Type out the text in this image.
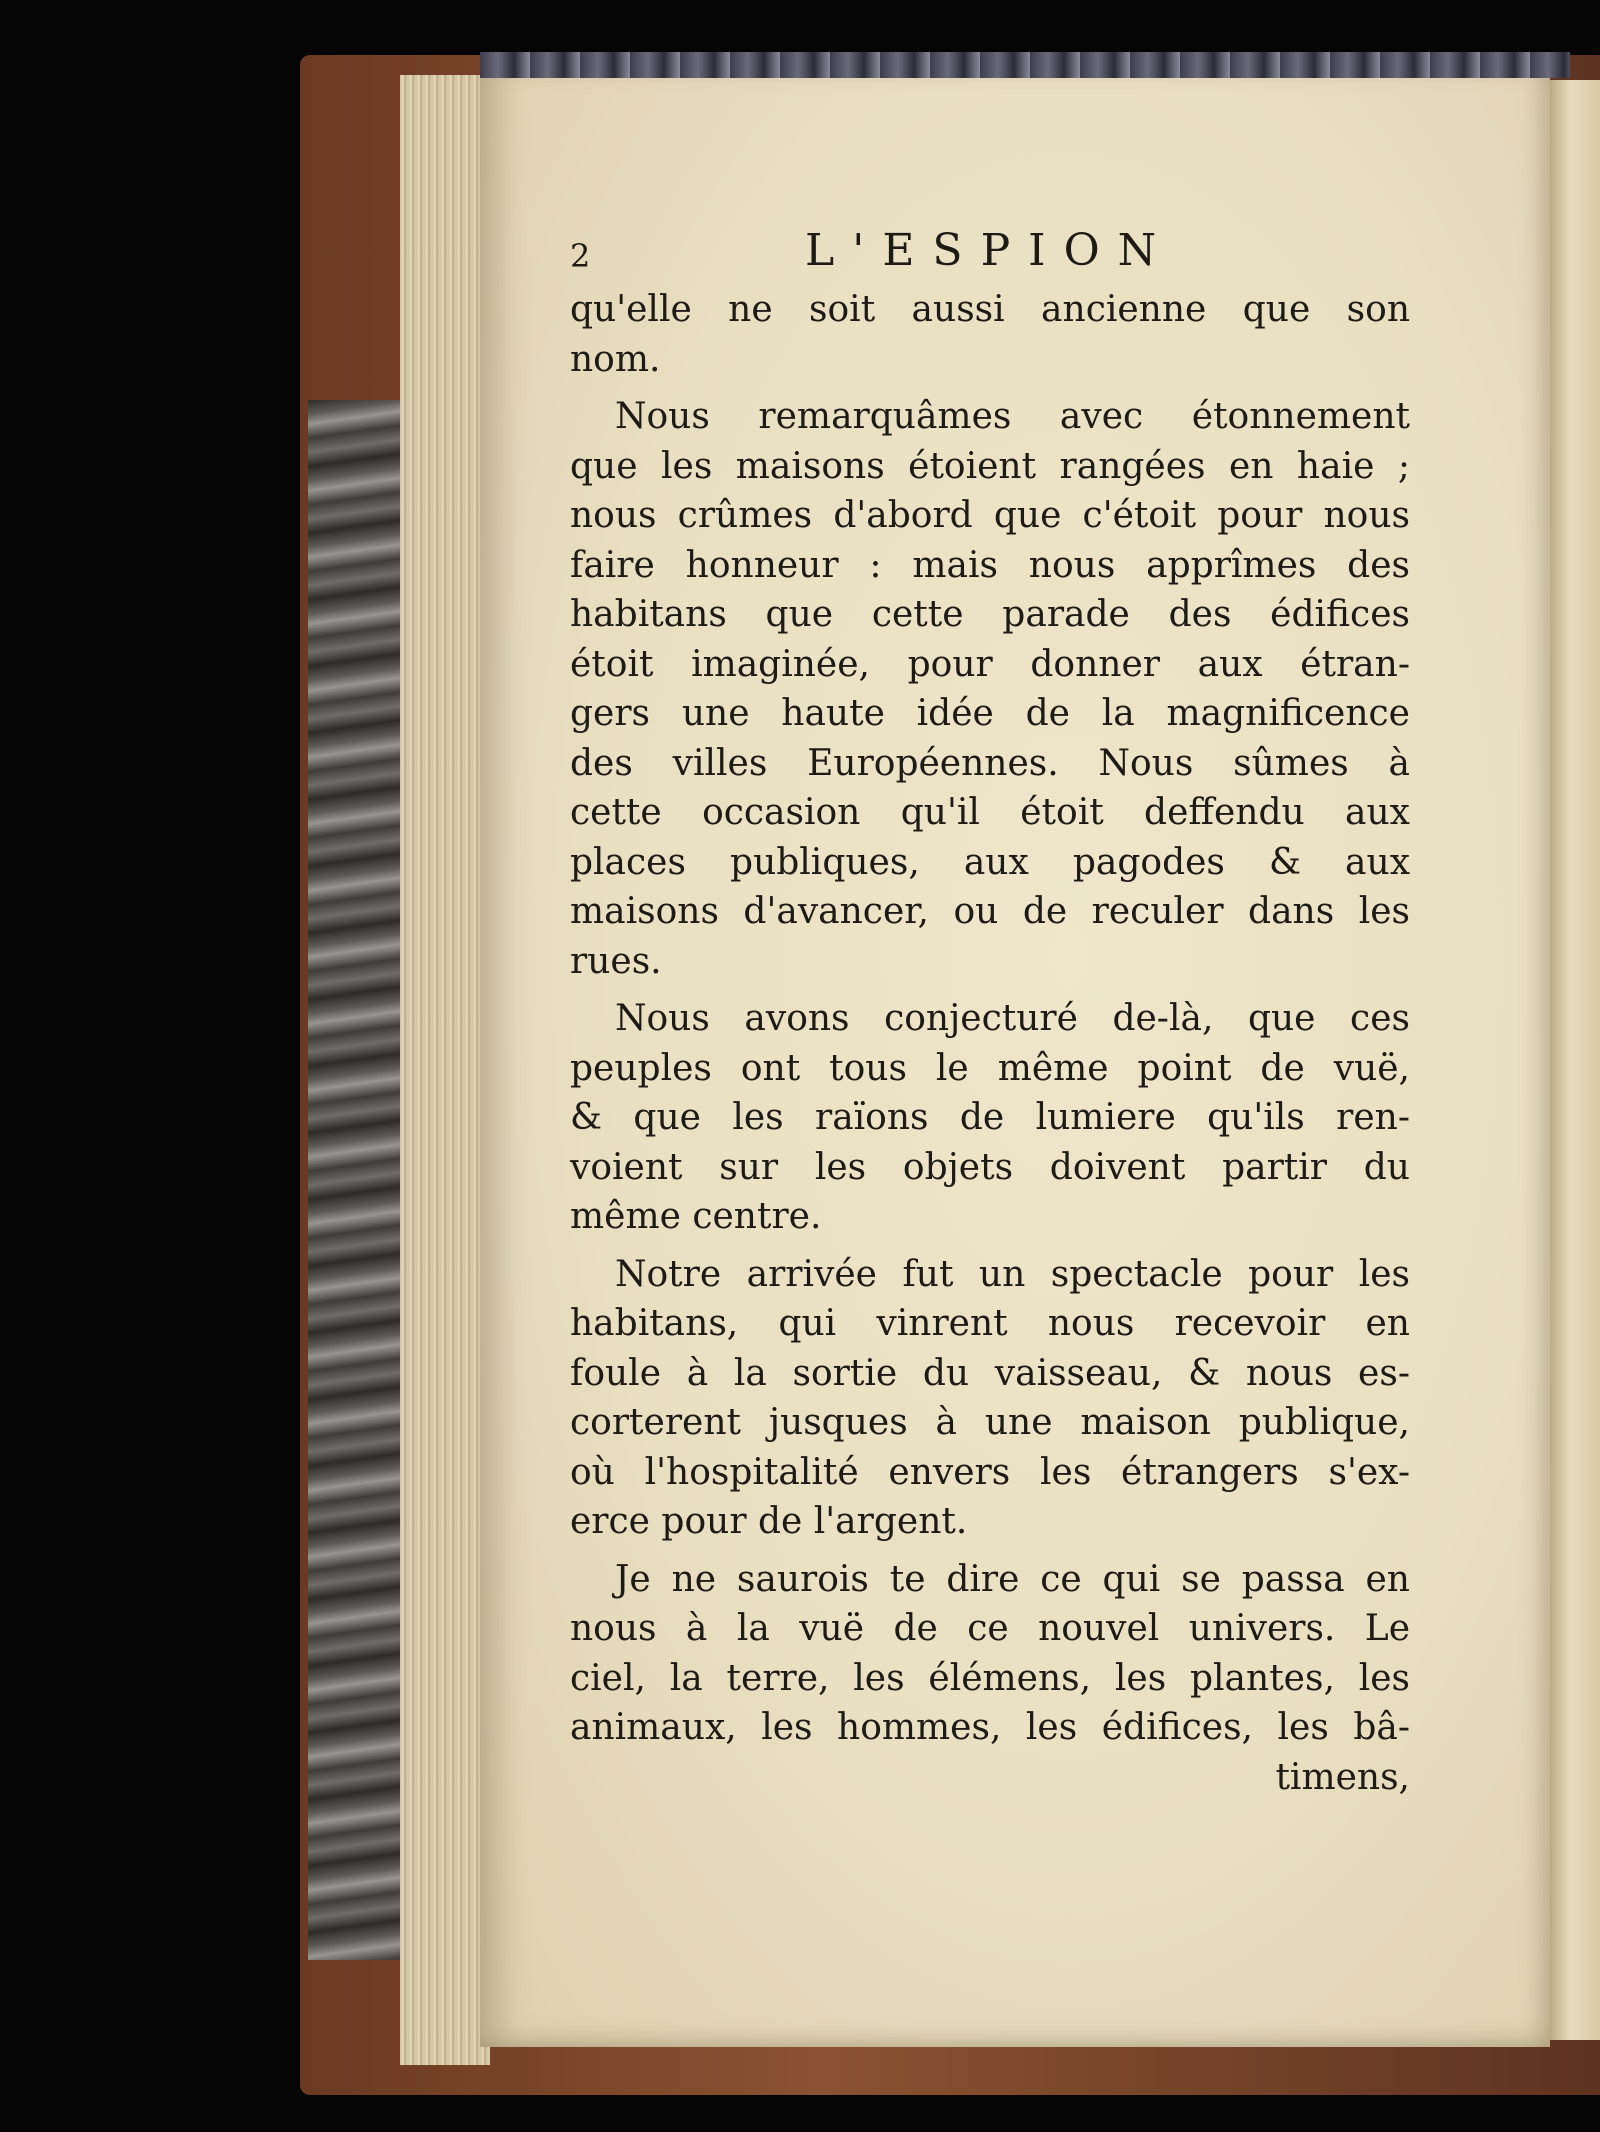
2	L'ESPION
qu'elle ne soit aussi ancienne que son
nom.
Nous remarquâmes avec étonnement
que les maisons étoient rangées en haie ;
nous crûmes d'abord que c'étoit pour nous
faire honneur : mais nous apprîmes des
habitans que cette parade des édifices
étoit imaginée, pour donner aux étran-
gers une haute idée de la magnificence
des villes Européennes. Nous sûmes à
cette occasion qu'il étoit deffendu aux
places publiques, aux pagodes & aux
maisons d'avancer, ou de reculer dans les
rues.
Nous avons conjecturé de-là, que ces
peuples ont tous le même point de vuë,
& que les raïons de lumiere qu'ils ren-
voient sur les objets doivent partir du
même centre.
Notre arrivée fut un spectacle pour les
habitans, qui vinrent nous recevoir en
foule à la sortie du vaisseau, & nous es-
corterent jusques à une maison publique,
où l'hospitalité envers les étrangers s'ex-
erce pour de l'argent.
Je ne saurois te dire ce qui se passa en
nous à la vuë de ce nouvel univers. Le
ciel, la terre, les élémens, les plantes, les
animaux, les hommes, les édifices, les bâ-
timens,
